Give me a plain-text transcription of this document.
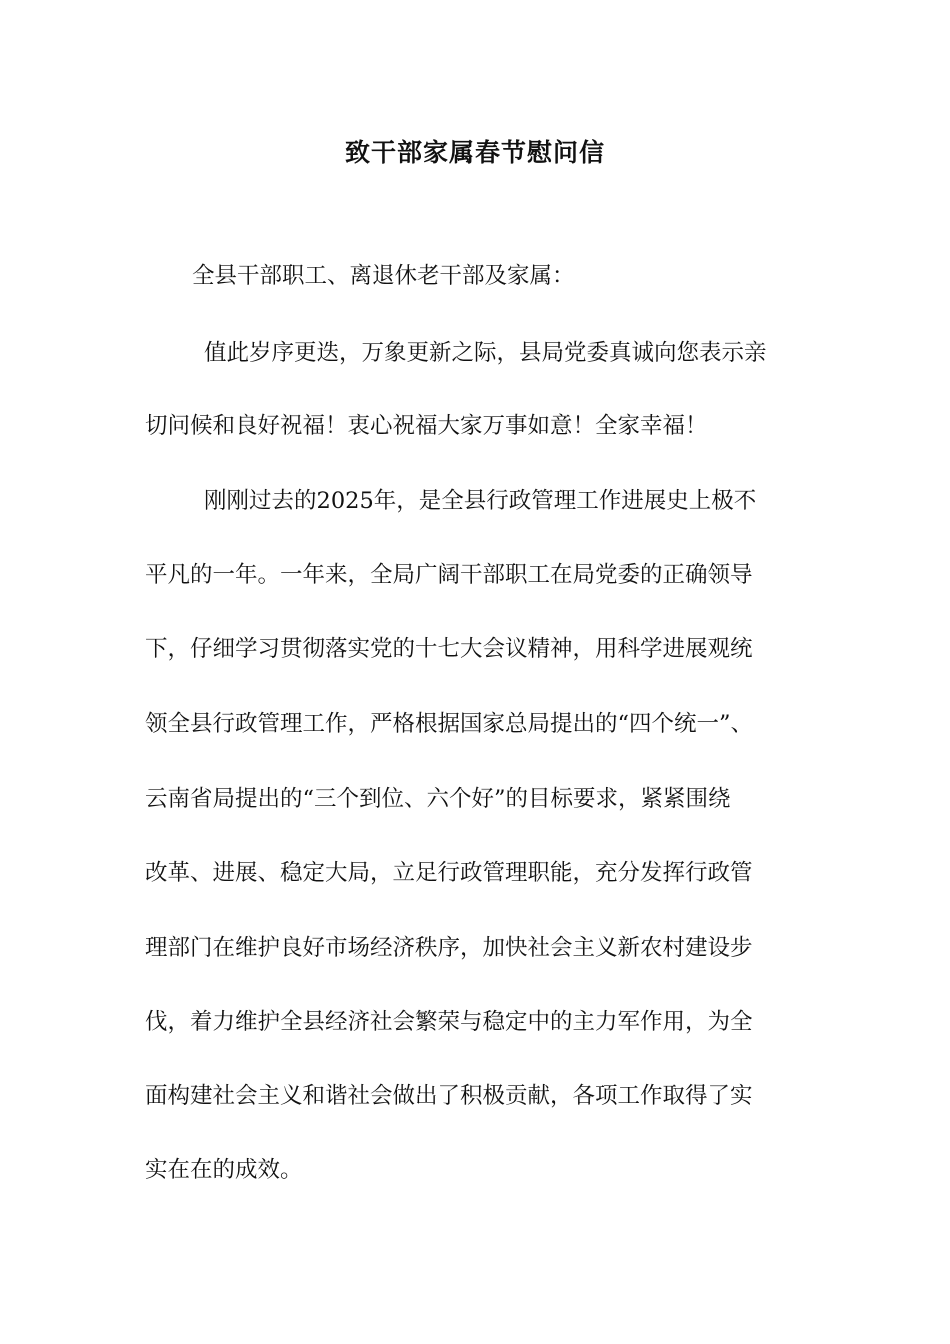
致干部家属春节慰问信
全县干部职工、离退休老干部及家属：
值此岁序更迭，万象更新之际，县局党委真诚向您表示亲
切问候和良好祝福！衷心祝福大家万事如意！全家幸福！
刚刚过去的2025年，是全县行政管理工作进展史上极不
平凡的一年。一年来，全局广阔干部职工在局党委的正确领导
下，仔细学习贯彻落实党的十七大会议精神，用科学进展观统
领全县行政管理工作，严格根据国家总局提出的“四个统一”、
云南省局提出的“三个到位、六个好”的目标要求，紧紧围绕
改革、进展、稳定大局，立足行政管理职能，充分发挥行政管
理部门在维护良好市场经济秩序，加快社会主义新农村建设步
伐，着力维护全县经济社会繁荣与稳定中的主力军作用，为全
面构建社会主义和谐社会做出了积极贡献，各项工作取得了实
实在在的成效。
